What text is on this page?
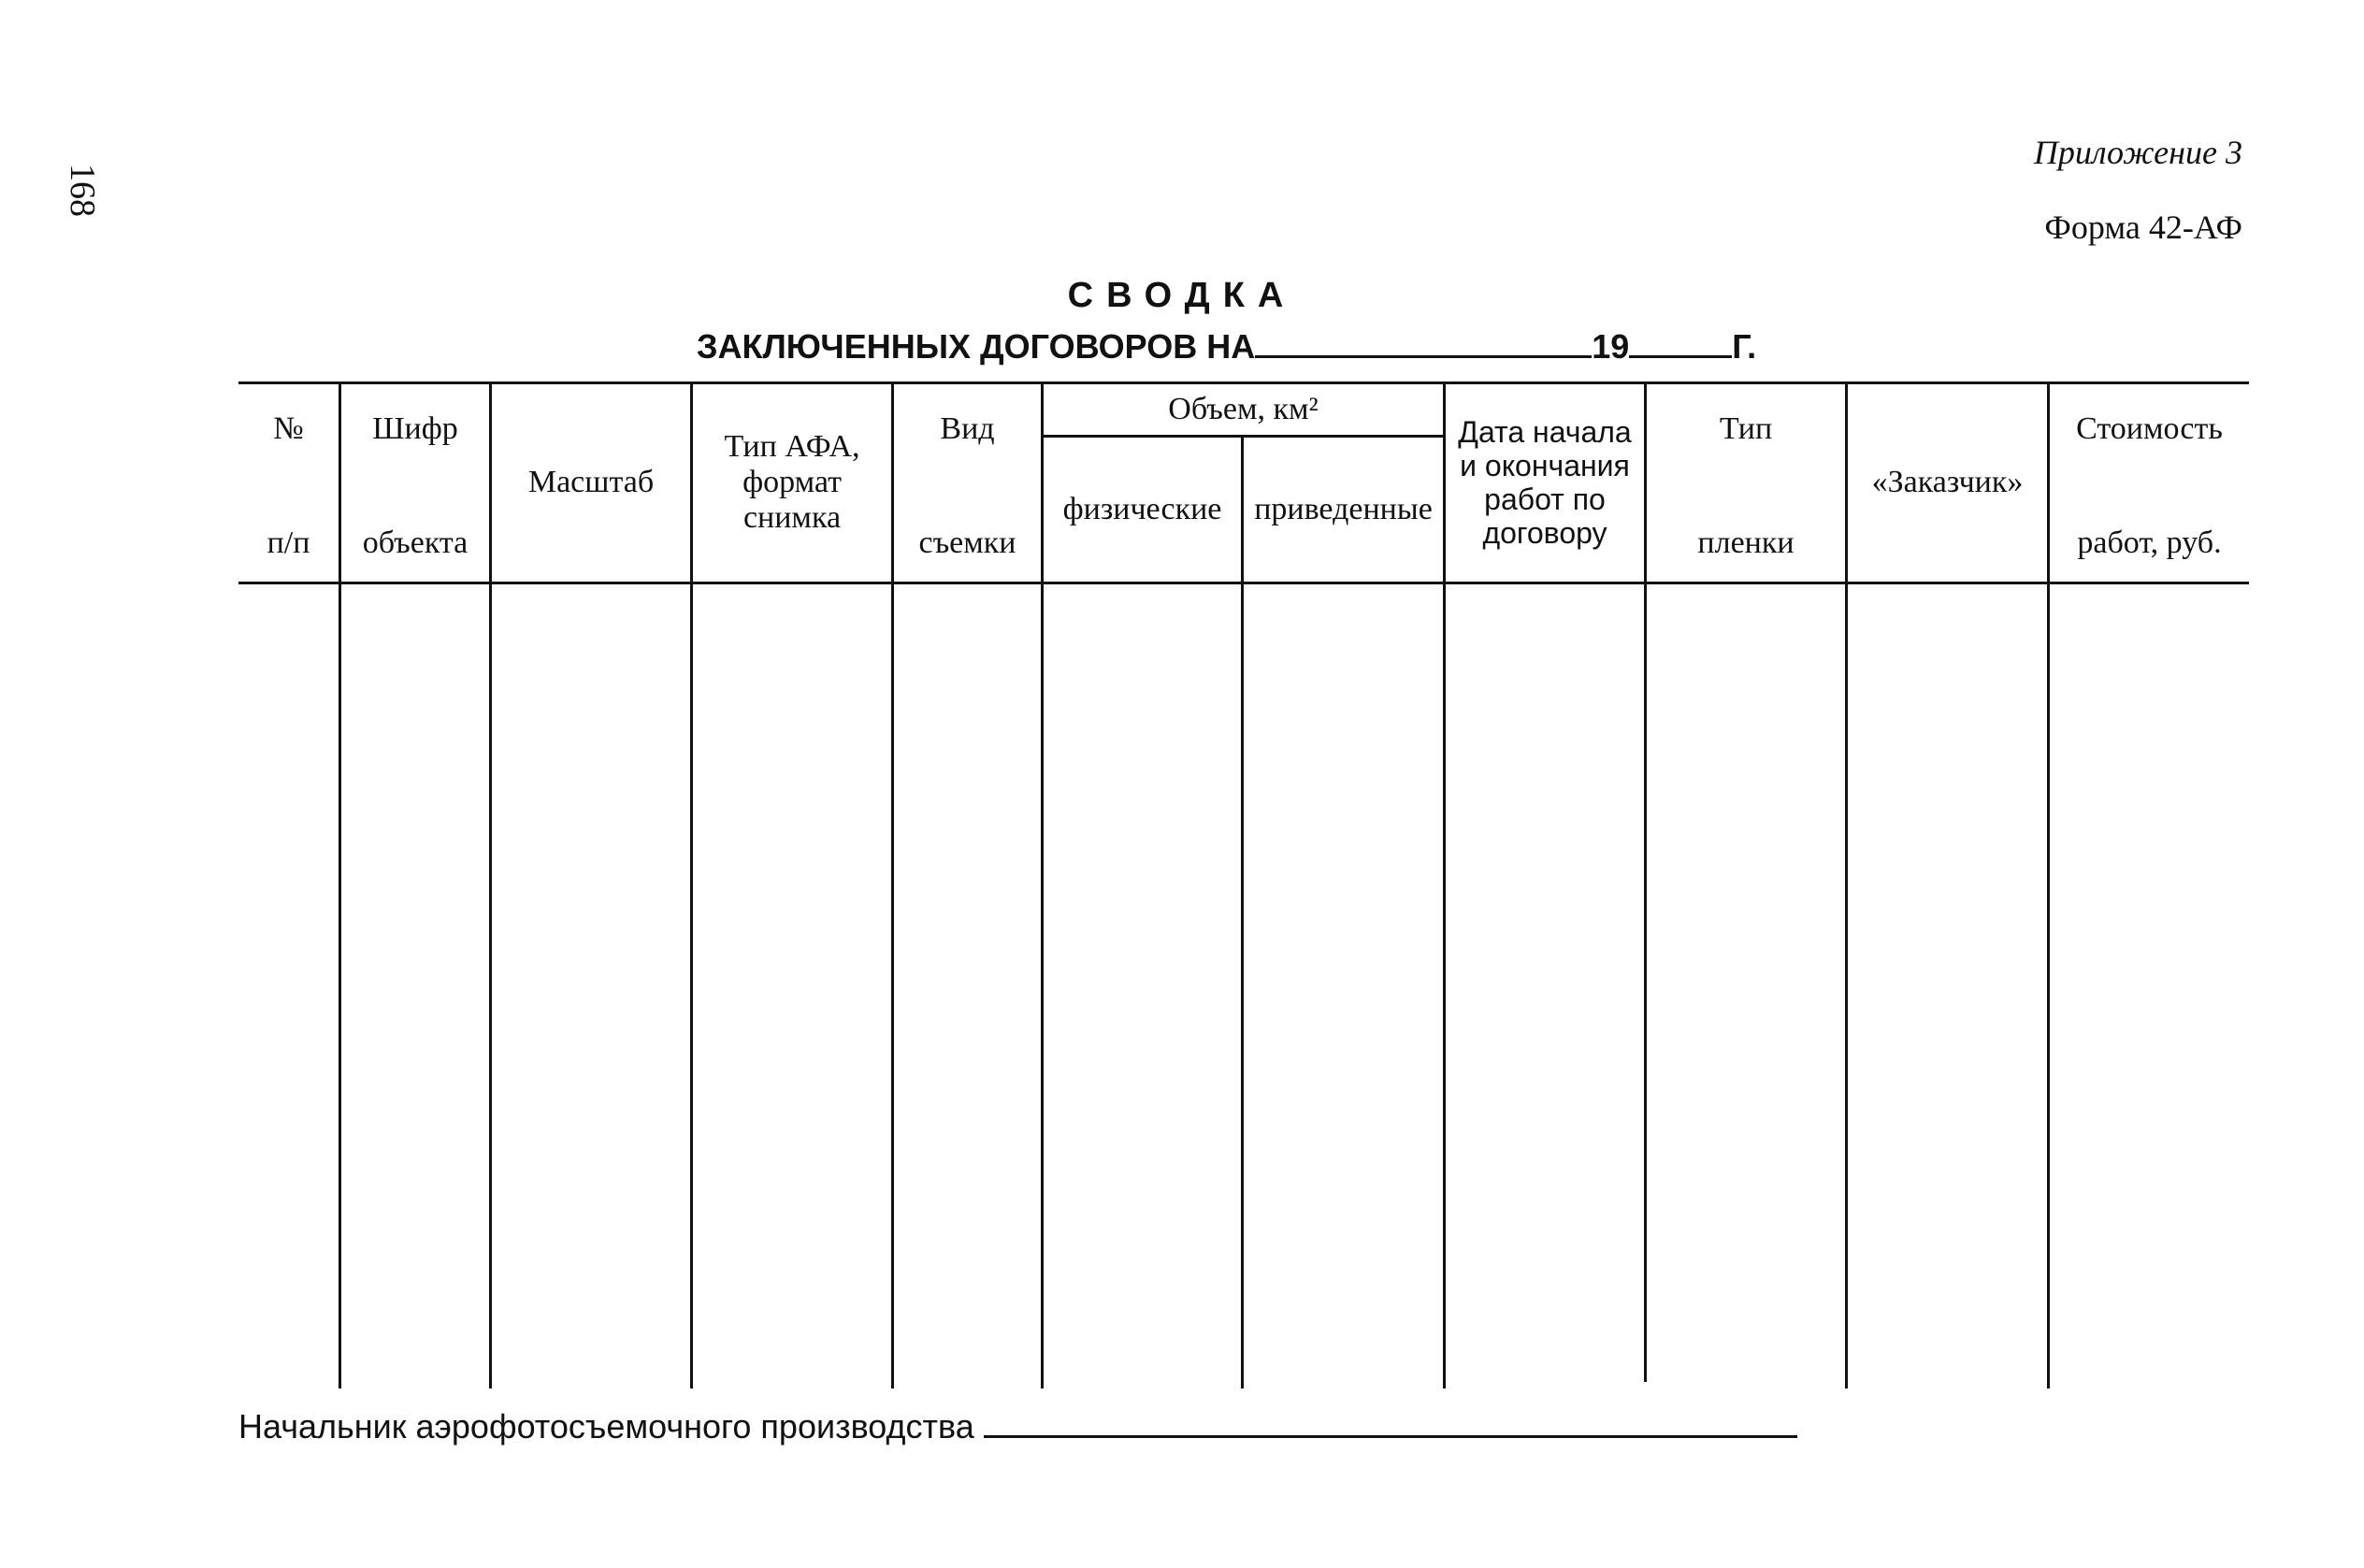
168
Приложение 3
Форма 42-АФ
СВОДКА
ЗАКЛЮЧЕННЫХ ДОГОВОРОВ НА	19	Г.
№
п/п
Шифр
объекта
Масштаб
Тип АФА,
формат
снимка
Вид
съемки
Объем, км²
физические приведенные
Дата начала
и окончания
работ по
договору
Тип
пленки
«Заказчик»
Стоимость
работ, руб.
Начальник аэрофотосъемочного производства
